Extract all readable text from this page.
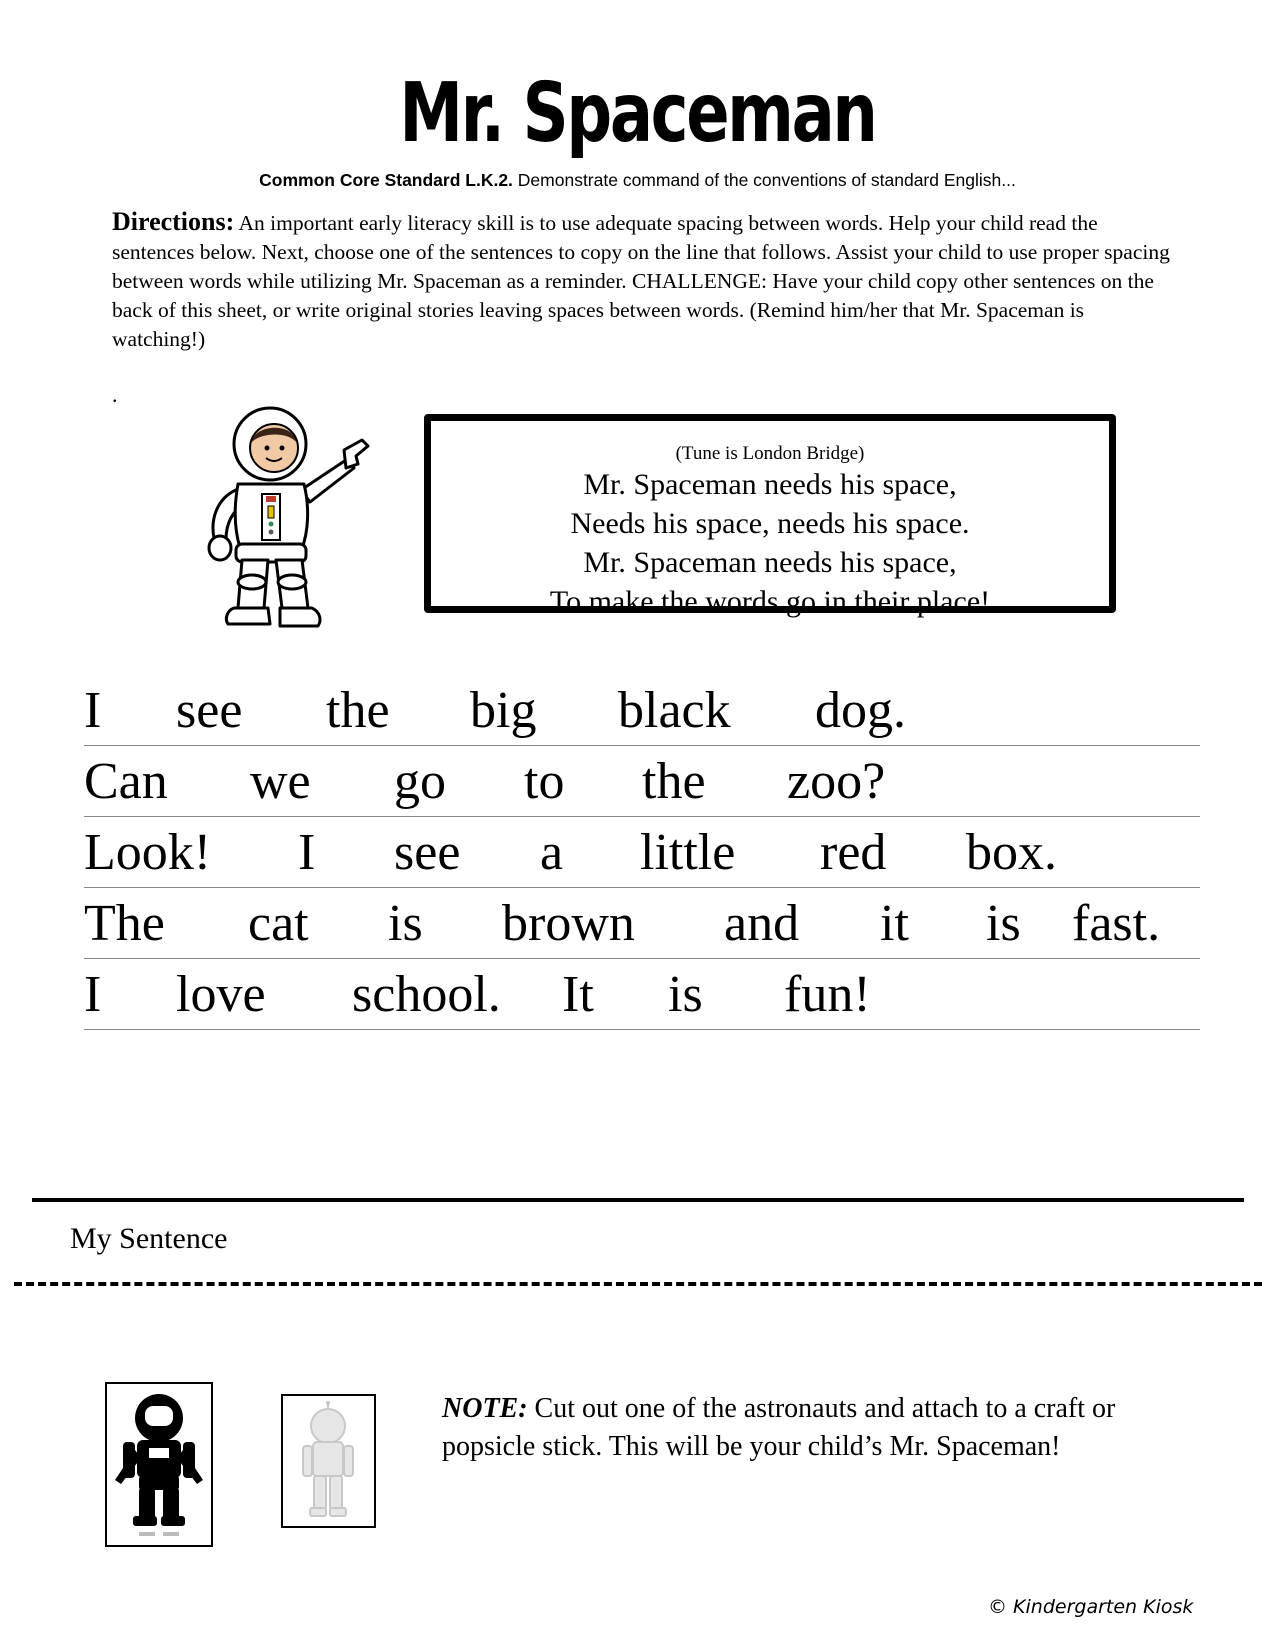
Mr. Spaceman
Common Core Standard L.K.2. Demonstrate command of the conventions of standard English...
Directions: An important early literacy skill is to use adequate spacing between words. Help your child read the sentences below. Next, choose one of the sentences to copy on the line that follows. Assist your child to use proper spacing between words while utilizing Mr. Spaceman as a reminder. CHALLENGE: Have your child copy other sentences on the back of this sheet, or write original stories leaving spaces between words. (Remind him/her that Mr. Spaceman is watching!)
.
(Tune is London Bridge)
Mr. Spaceman needs his space,
Needs his space, needs his space.
Mr. Spaceman needs his space,
To make the words go in their place!
I see the big black dog.
Can we go to the zoo?
Look! I see a little red box.
The cat is brown and it is fast.
I love school. It is fun!
My Sentence
NOTE: Cut out one of the astronauts and attach to a craft or popsicle stick. This will be your child’s Mr. Spaceman!
© Kindergarten Kiosk
